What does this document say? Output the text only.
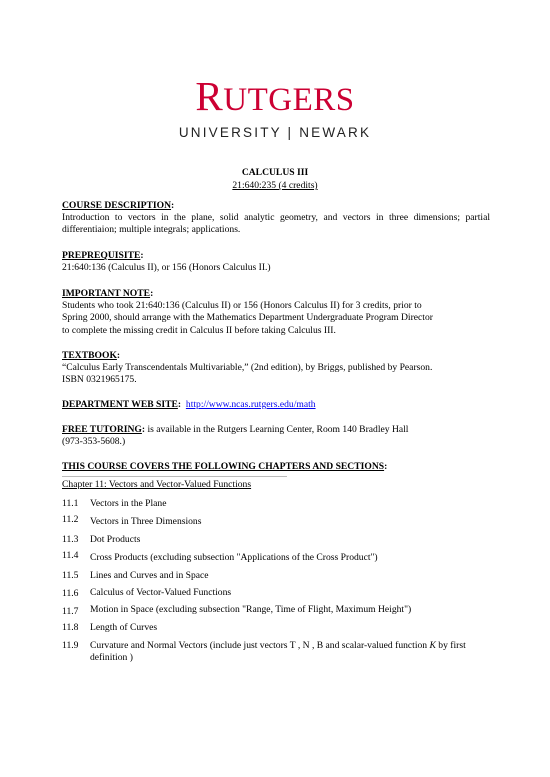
RUTGERS
UNIVERSITY | NEWARK
CALCULUS III
21:640:235 (4 credits)
COURSE DESCRIPTION:
Introduction to vectors in the plane, solid analytic geometry, and vectors in three dimensions; partial differentiaion; multiple integrals; applications.
PREPREQUISITE:
21:640:136 (Calculus II), or 156 (Honors Calculus II.)
IMPORTANT NOTE:
Students who took 21:640:136 (Calculus II) or 156 (Honors Calculus II) for 3 credits, prior to
Spring 2000, should arrange with the Mathematics Department Undergraduate Program Director
to complete the missing credit in Calculus II before taking Calculus III.
TEXTBOOK:
“Calculus Early Transcendentals Multivariable,” (2nd edition), by Briggs, published by Pearson.
ISBN 0321965175.
DEPARTMENT WEB SITE: http://www.ncas.rutgers.edu/math
FREE TUTORING: is available in the Rutgers Learning Center, Room 140 Bradley Hall
(973-353-5608.)
THIS COURSE COVERS THE FOLLOWING CHAPTERS AND SECTIONS:
Chapter 11: Vectors and Vector-Valued Functions
11.1 Vectors in the Plane
11.2 Vectors in Three Dimensions
11.3 Dot Products
11.4 Cross Products (excluding subsection "Applications of the Cross Product")
11.5 Lines and Curves and in Space
11.6 Calculus of Vector-Valued Functions
11.7 Motion in Space (excluding subsection "Range, Time of Flight, Maximum Height")
11.8 Length of Curves
11.9 Curvature and Normal Vectors (include just vectors T , N , B and scalar-valued function K by first
definition )
